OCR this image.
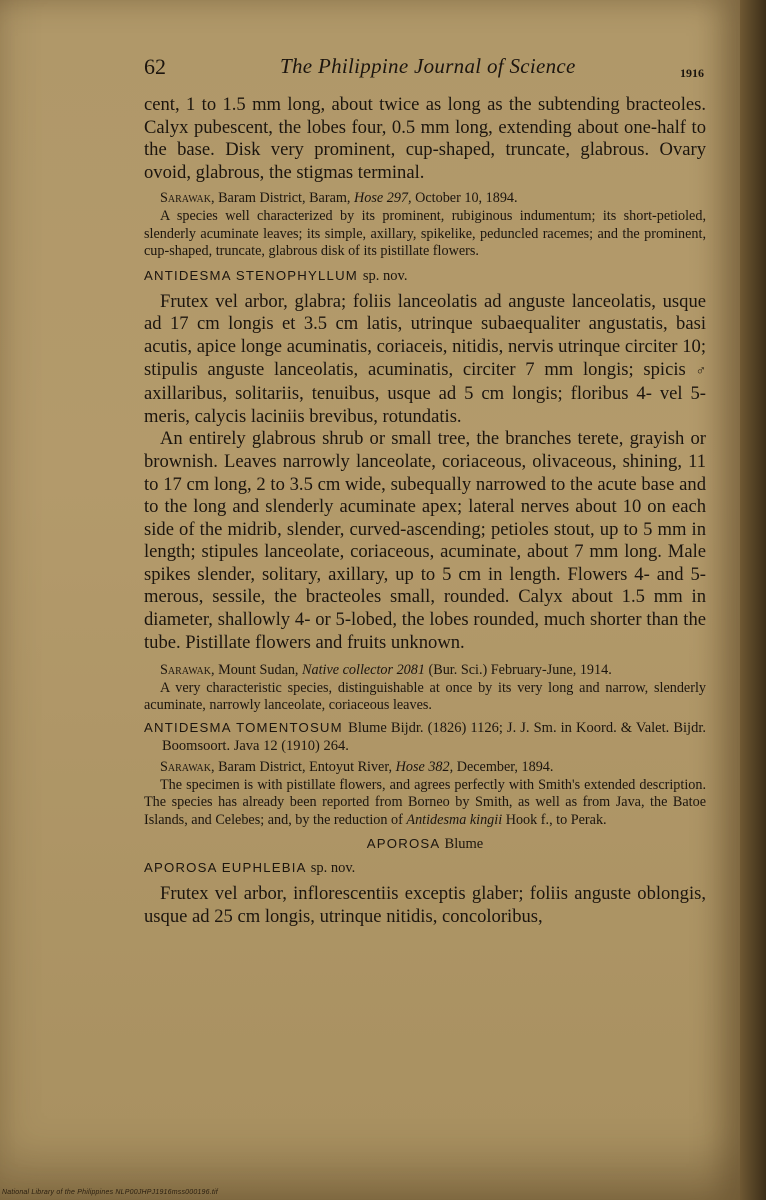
62	The Philippine Journal of Science	1916

cent, 1 to 1.5 mm long, about twice as long as the subtending bracteoles. Calyx pubescent, the lobes four, 0.5 mm long, extending about one-half to the base. Disk very prominent, cup-shaped, truncate, glabrous. Ovary ovoid, glabrous, the stigmas terminal.

Sarawak, Baram District, Baram, Hose 297, October 10, 1894.

A species well characterized by its prominent, rubiginous indumentum; its short-petioled, slenderly acuminate leaves; its simple, axillary, spikelike, peduncled racemes; and the prominent, cup-shaped, truncate, glabrous disk of its pistillate flowers.

ANTIDESMA STENOPHYLLUM sp. nov.

Frutex vel arbor, glabra; foliis lanceolatis ad anguste lanceolatis, usque ad 17 cm longis et 3.5 cm latis, utrinque subaequaliter angustatis, basi acutis, apice longe acuminatis, coriaceis, nitidis, nervis utrinque circiter 10; stipulis anguste lanceolatis, acuminatis, circiter 7 mm longis; spicis ♂ axillaribus, solitariis, tenuibus, usque ad 5 cm longis; floribus 4- vel 5-meris, calycis laciniis brevibus, rotundatis.

An entirely glabrous shrub or small tree, the branches terete, grayish or brownish. Leaves narrowly lanceolate, coriaceous, olivaceous, shining, 11 to 17 cm long, 2 to 3.5 cm wide, subequally narrowed to the acute base and to the long and slenderly acuminate apex; lateral nerves about 10 on each side of the midrib, slender, curved-ascending; petioles stout, up to 5 mm in length; stipules lanceolate, coriaceous, acuminate, about 7 mm long. Male spikes slender, solitary, axillary, up to 5 cm in length. Flowers 4- and 5-merous, sessile, the bracteoles small, rounded. Calyx about 1.5 mm in diameter, shallowly 4- or 5-lobed, the lobes rounded, much shorter than the tube. Pistillate flowers and fruits unknown.

Sarawak, Mount Sudan, Native collector 2081 (Bur. Sci.) February-June, 1914.

A very characteristic species, distinguishable at once by its very long and narrow, slenderly acuminate, narrowly lanceolate, coriaceous leaves.

ANTIDESMA TOMENTOSUM Blume Bijdr. (1826) 1126; J. J. Sm. in Koord. & Valet. Bijdr. Boomsoort. Java 12 (1910) 264.

Sarawak, Baram District, Entoyut River, Hose 382, December, 1894.

The specimen is with pistillate flowers, and agrees perfectly with Smith's extended description. The species has already been reported from Borneo by Smith, as well as from Java, the Batoe Islands, and Celebes; and, by the reduction of Antidesma kingii Hook f., to Perak.

APOROSA Blume

APOROSA EUPHLEBIA sp. nov.

Frutex vel arbor, inflorescentiis exceptis glaber; foliis anguste oblongis, usque ad 25 cm longis, utrinque nitidis, concoloribus,

National Library of the Philippines NLP00JHPJ1916mss000196.tif
